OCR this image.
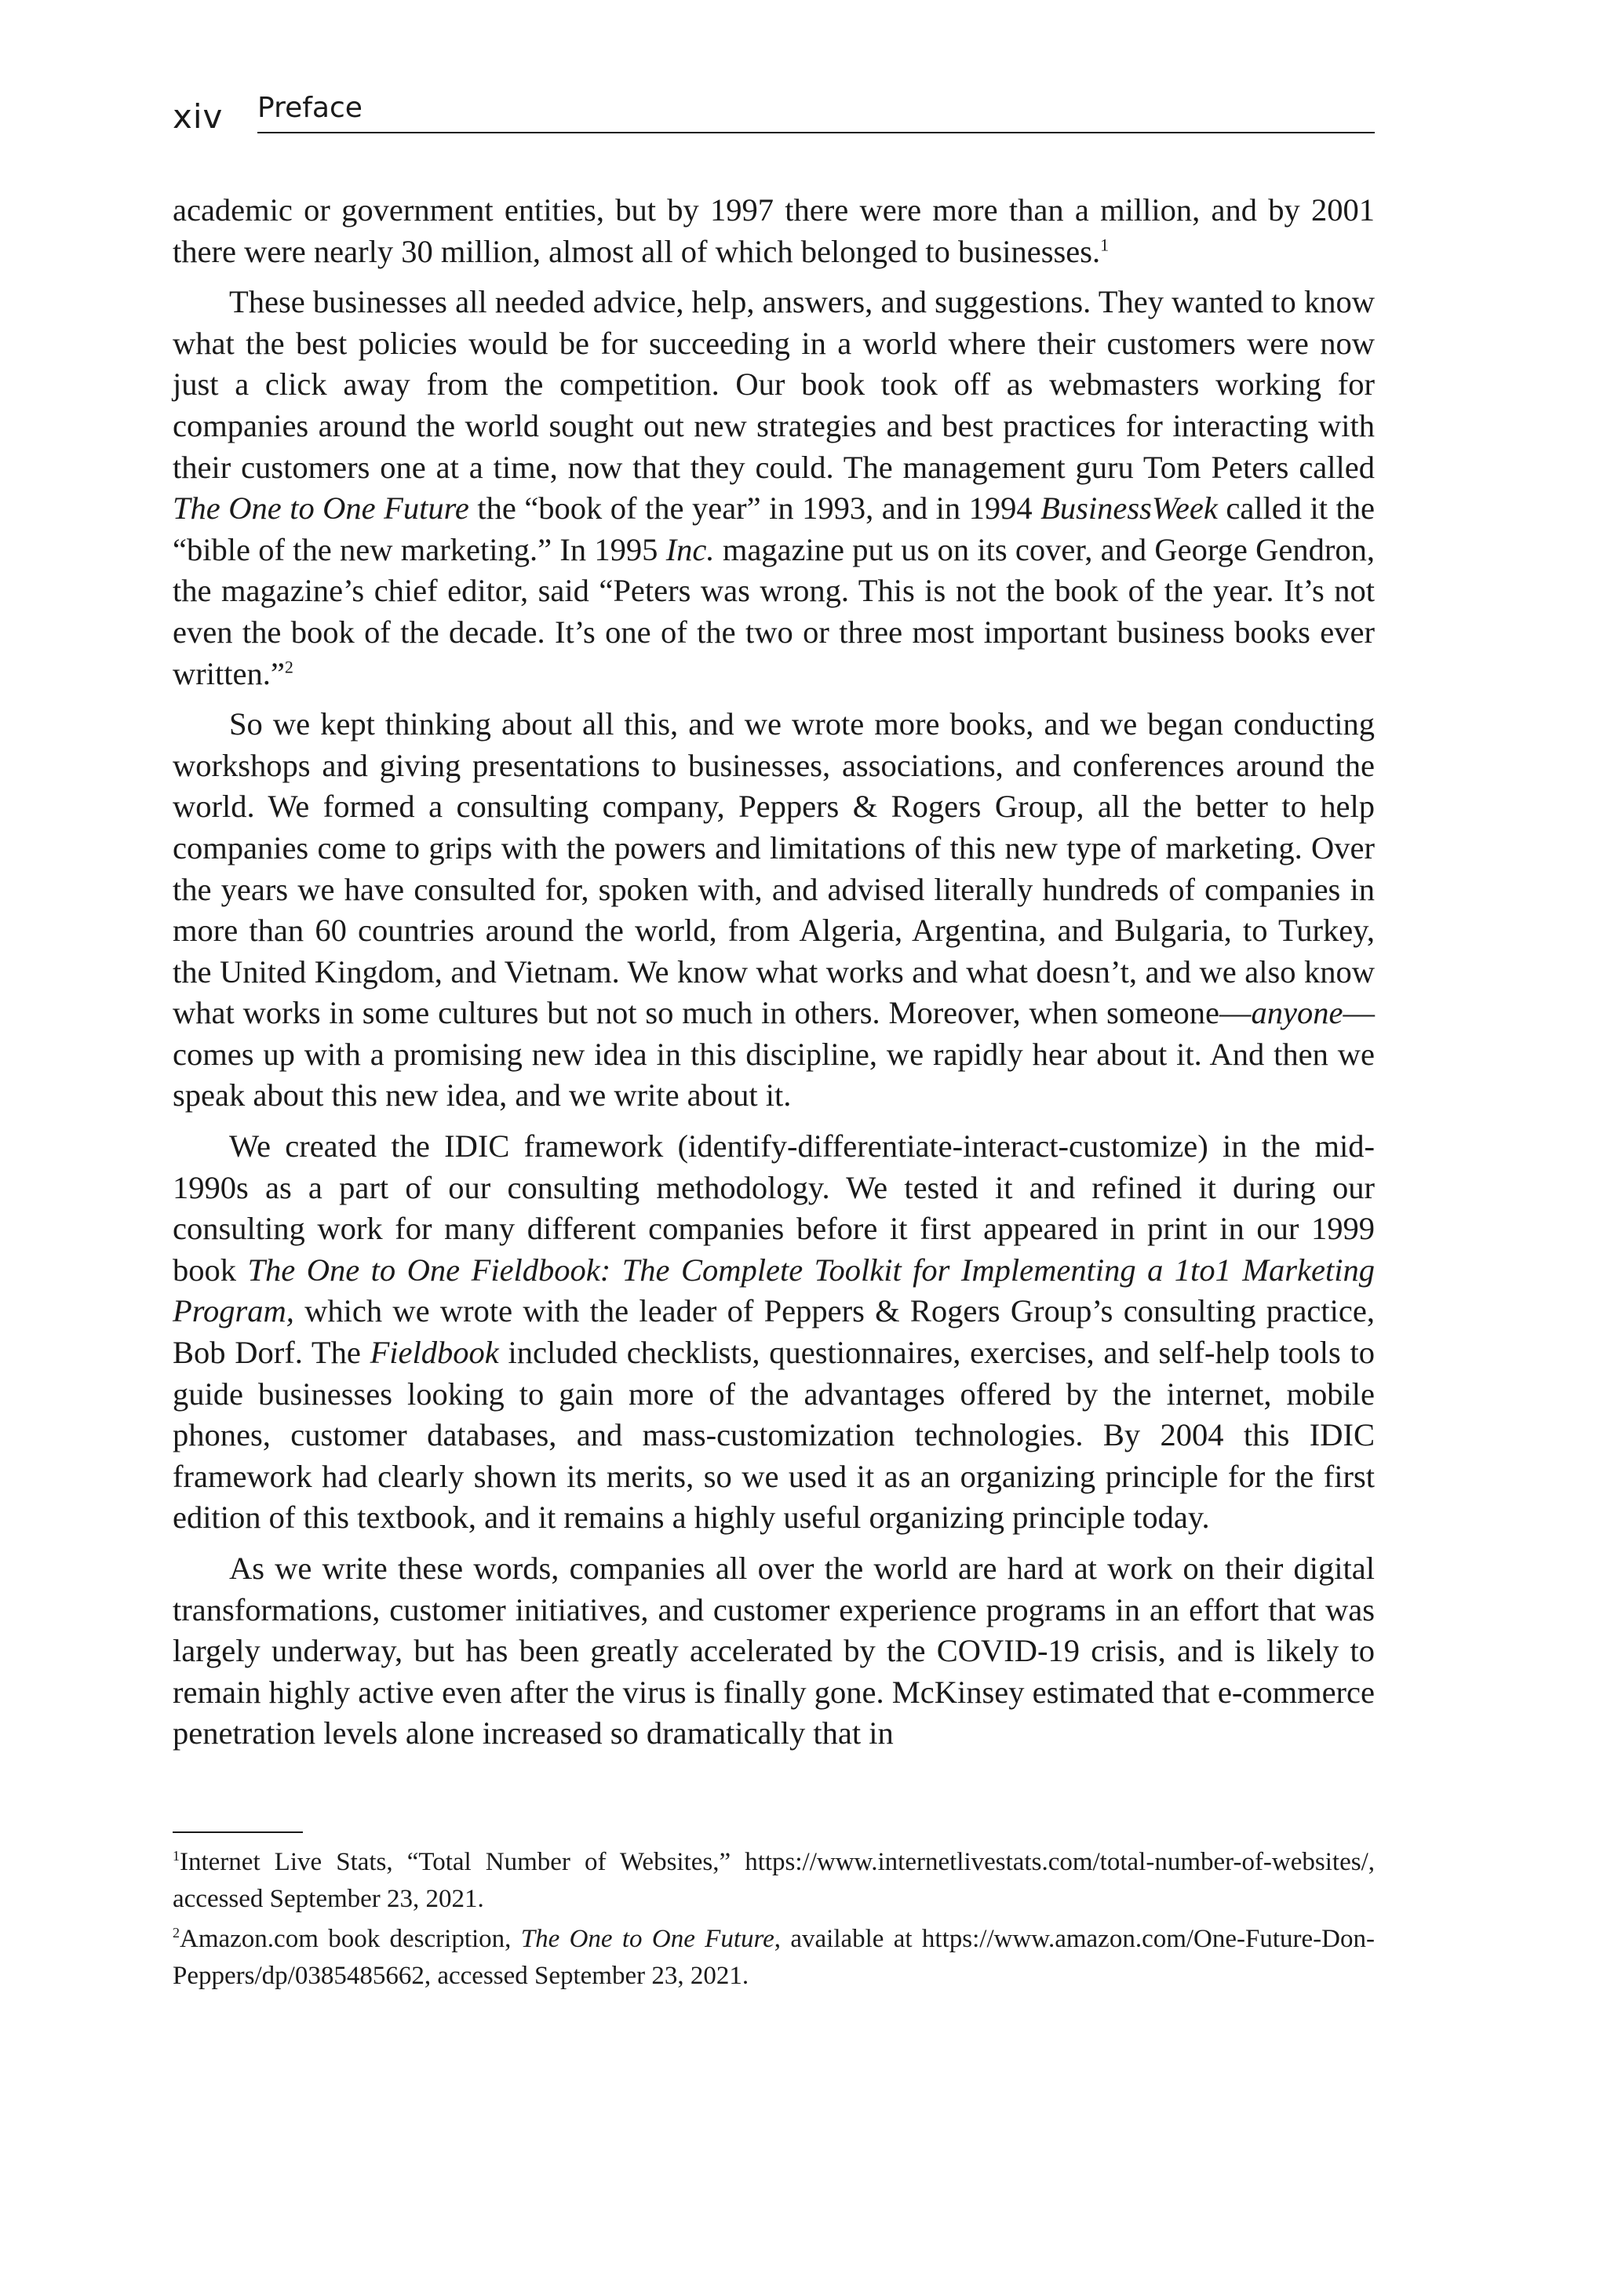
xiv Preface

academic or government entities, but by 1997 there were more than a million, and by 2001 there were nearly 30 million, almost all of which belonged to businesses.$^1$

These businesses all needed advice, help, answers, and suggestions. They wanted to know what the best policies would be for succeeding in a world where their customers were now just a click away from the competition. Our book took off as webmasters working for companies around the world sought out new strategies and best practices for interacting with their customers one at a time, now that they could. The management guru Tom Peters called The One to One Future the “book of the year” in 1993, and in 1994 BusinessWeek called it the “bible of the new marketing.” In 1995 Inc. magazine put us on its cover, and George Gendron, the magazine’s chief editor, said “Peters was wrong. This is not the book of the year. It’s not even the book of the decade. It’s one of the two or three most important business books ever written.”$^2$

So we kept thinking about all this, and we wrote more books, and we began conducting workshops and giving presentations to businesses, associations, and conferences around the world. We formed a consulting company, Peppers & Rogers Group, all the better to help companies come to grips with the powers and limitations of this new type of marketing. Over the years we have consulted for, spoken with, and advised literally hundreds of companies in more than 60 countries around the world, from Algeria, Argentina, and Bulgaria, to Turkey, the United Kingdom, and Vietnam. We know what works and what doesn’t, and we also know what works in some cultures but not so much in others. Moreover, when someone—anyone—comes up with a promising new idea in this discipline, we rapidly hear about it. And then we speak about this new idea, and we write about it.

We created the IDIC framework (identify-differentiate-interact-customize) in the mid-1990s as a part of our consulting methodology. We tested it and refined it during our consulting work for many different companies before it first appeared in print in our 1999 book The One to One Fieldbook: The Complete Toolkit for Implementing a 1to1 Marketing Program, which we wrote with the leader of Peppers & Rogers Group’s consulting practice, Bob Dorf. The Fieldbook included checklists, questionnaires, exercises, and self-help tools to guide businesses looking to gain more of the advantages offered by the internet, mobile phones, customer databases, and mass-customization technologies. By 2004 this IDIC framework had clearly shown its merits, so we used it as an organizing principle for the first edition of this textbook, and it remains a highly useful organizing principle today.

As we write these words, companies all over the world are hard at work on their digital transformations, customer initiatives, and customer experience programs in an effort that was largely underway, but has been greatly accelerated by the COVID-19 crisis, and is likely to remain highly active even after the virus is finally gone. McKinsey estimated that e-commerce penetration levels alone increased so dramatically that in

$^1$Internet Live Stats, “Total Number of Websites,” https://www.internetlivestats.com/total-number-of-websites/, accessed September 23, 2021.

$^2$Amazon.com book description, The One to One Future, available at https://www.amazon.com/One-Future-Don-Peppers/dp/0385485662, accessed September 23, 2021.
